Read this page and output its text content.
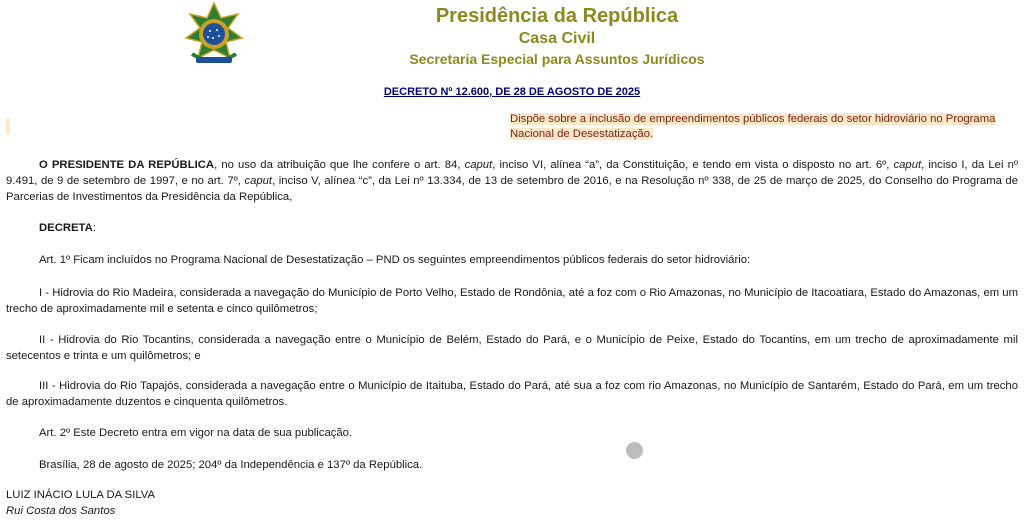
Presidência da República
Casa Civil
Secretaria Especial para Assuntos Jurídicos
DECRETO Nº 12.600, DE 28 DE AGOSTO DE 2025
Dispõe sobre a inclusão de empreendimentos públicos federais do setor hidroviário no Programa Nacional de Desestatização.

O PRESIDENTE DA REPÚBLICA, no uso da atribuição que lhe confere o art. 84, caput, inciso VI, alínea “a”, da Constituição, e tendo em vista o disposto no art. 6º, caput, inciso I, da Lei nº 9.491, de 9 de setembro de 1997, e no art. 7º, caput, inciso V, alínea “c”, da Lei nº 13.334, de 13 de setembro de 2016, e na Resolução nº 338, de 25 de março de 2025, do Conselho do Programa de Parcerias de Investimentos da Presidência da República,

DECRETA:

Art. 1º Ficam incluídos no Programa Nacional de Desestatização – PND os seguintes empreendimentos públicos federais do setor hidroviário:

I - Hidrovia do Rio Madeira, considerada a navegação do Município de Porto Velho, Estado de Rondônia, até a foz com o Rio Amazonas, no Município de Itacoatiara, Estado do Amazonas, em um trecho de aproximadamente mil e setenta e cinco quilômetros;

II - Hidrovia do Rio Tocantins, considerada a navegação entre o Município de Belém, Estado do Pará, e o Município de Peixe, Estado do Tocantins, em um trecho de aproximadamente mil setecentos e trinta e um quilômetros; e

III - Hidrovia do Rio Tapajós, considerada a navegação entre o Município de Itaituba, Estado do Pará, até sua a foz com rio Amazonas, no Município de Santarém, Estado do Pará, em um trecho de aproximadamente duzentos e cinquenta quilômetros.

Art. 2º Este Decreto entra em vigor na data de sua publicação.

Brasília, 28 de agosto de 2025; 204º da Independência e 137º da República.

LUIZ INÁCIO LULA DA SILVA
Rui Costa dos Santos
